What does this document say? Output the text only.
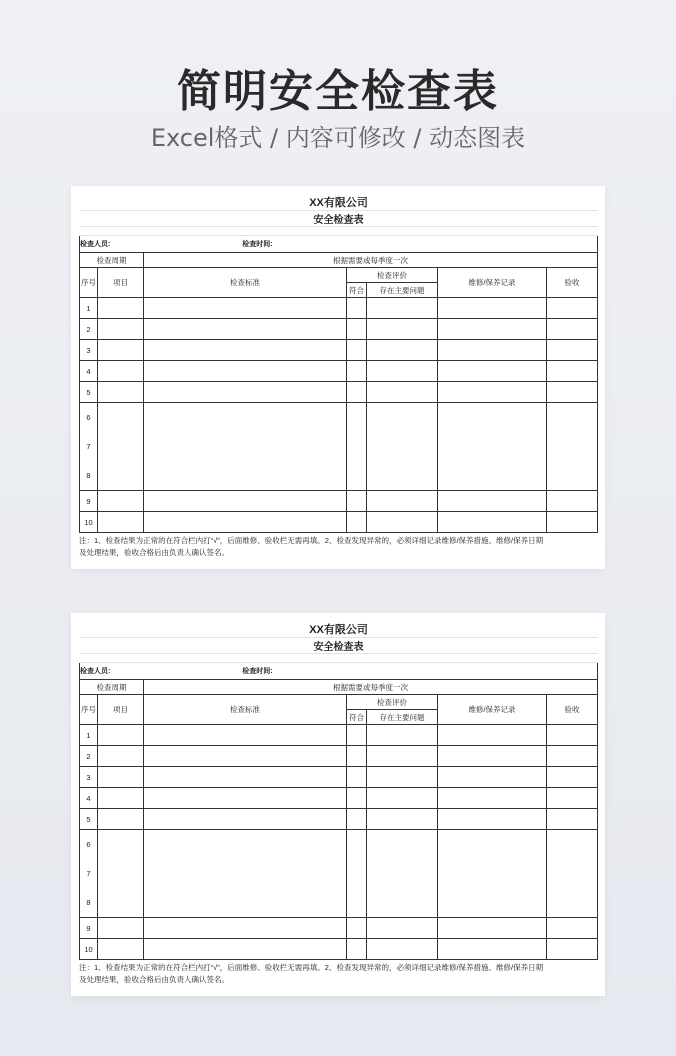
简明安全检查表
Excel格式 / 内容可修改 / 动态图表
XX有限公司						
安全检查表						

检查人员: 检查时间:						
检查周期		根据需要或每季度一次				
序号	项目	检查标准	检查评价		维修/保养记录	验收
			符合	存在主要问题		
1						
2						
3						
4						
5						

6
7
8						

9						
10						

注：1、检查结果为正常的在符合栏内打“√”，后面维修、验收栏无需再填。2、检查发现异常的，必须详细记录维修/保养措施、维修/保养日期

及处理结果，验收合格后由负责人确认签名。

XX有限公司						
安全检查表						

检查人员: 检查时间:						
检查周期		根据需要或每季度一次				
序号	项目	检查标准	检查评价		维修/保养记录	验收
			符合	存在主要问题		
1						
2						
3						
4						
5						

6
7
8						

9						
10						

注：1、检查结果为正常的在符合栏内打“√”，后面维修、验收栏无需再填。2、检查发现异常的，必须详细记录维修/保养措施、维修/保养日期

及处理结果，验收合格后由负责人确认签名。
